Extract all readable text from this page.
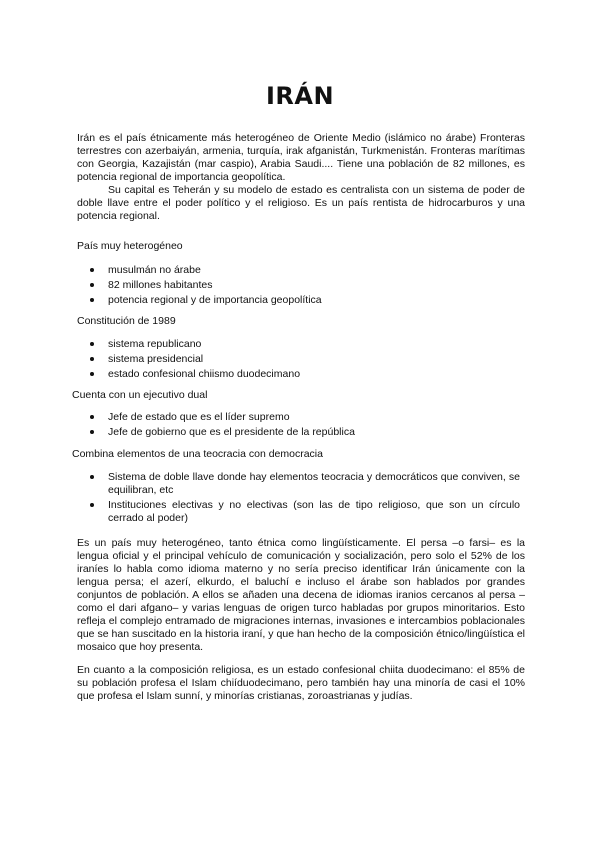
IRÁN

Irán es el país étnicamente más heterogéneo de Oriente Medio (islámico no árabe) Fronteras terrestres con azerbaiyán, armenia, turquía, irak afganistán, Turkmenistán. Fronteras marítimas con Georgia, Kazajistán (mar caspio), Arabia Saudi.... Tiene una población de 82 millones, es potencia regional de importancia geopolítica.

Su capital es Teherán y su modelo de estado es centralista con un sistema de poder de doble llave entre el poder político y el religioso. Es un país rentista de hidrocarburos y una potencia regional.

País muy heterogéneo

musulmán no árabe
82 millones habitantes
potencia regional y de importancia geopolítica

Constitución de 1989

sistema republicano
sistema presidencial
estado confesional chiismo duodecimano

Cuenta con un ejecutivo dual

Jefe de estado que es el líder supremo
Jefe de gobierno que es el presidente de la república

Combina elementos de una teocracia con democracia

Sistema de doble llave donde hay elementos teocracia y democráticos que conviven, se equilibran, etc
Instituciones electivas y no electivas (son las de tipo religioso, que son un círculo cerrado al poder)

Es un país muy heterogéneo, tanto étnica como lingüísticamente. El persa –o farsi– es la lengua oficial y el principal vehículo de comunicación y socialización, pero solo el 52% de los iraníes lo habla como idioma materno y no sería preciso identificar Irán únicamente con la lengua persa; el azerí, elkurdo, el baluchí e incluso el árabe son hablados por grandes conjuntos de población. A ellos se añaden una decena de idiomas iranios cercanos al persa –como el dari afgano– y varias lenguas de origen turco habladas por grupos minoritarios. Esto refleja el complejo entramado de migraciones internas, invasiones e intercambios poblacionales que se han suscitado en la historia iraní, y que han hecho de la composición étnico/lingüística el mosaico que hoy presenta.

En cuanto a la composición religiosa, es un estado confesional chiita duodecimano: el 85% de su población profesa el Islam chiíduodecimano, pero también hay una minoría de casi el 10% que profesa el Islam sunní, y minorías cristianas, zoroastrianas y judías.
